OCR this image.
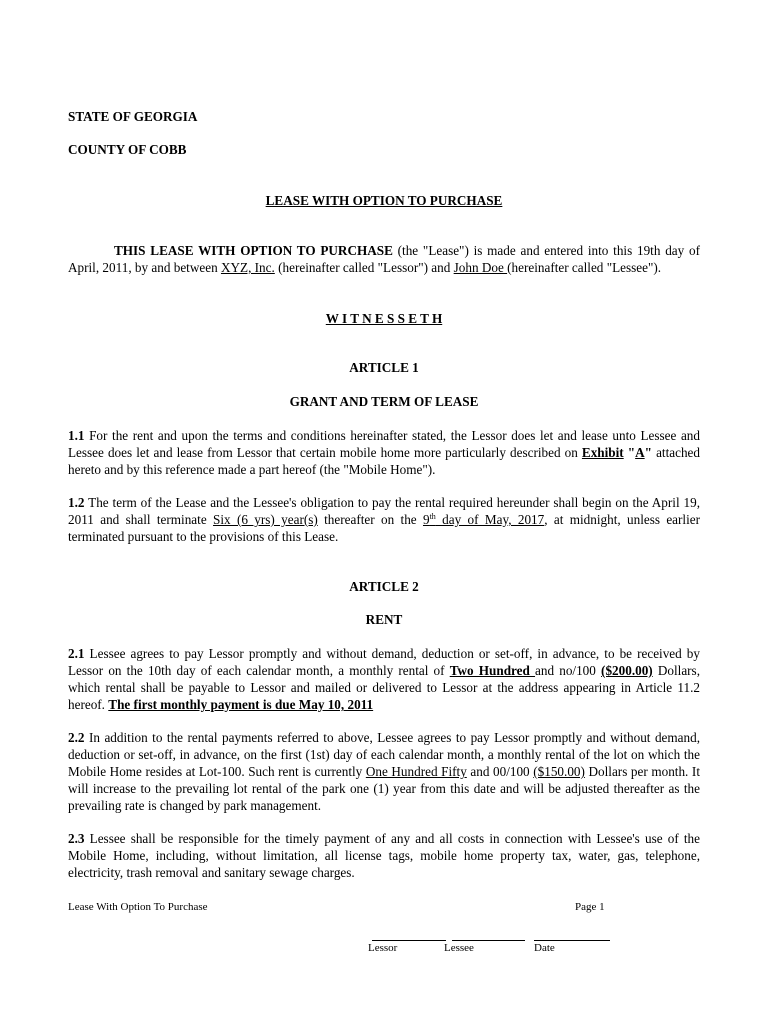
STATE OF GEORGIA

COUNTY OF COBB

LEASE WITH OPTION TO PURCHASE

THIS LEASE WITH OPTION TO PURCHASE (the "Lease") is made and entered into this 19th day of April, 2011, by and between XYZ, Inc. (hereinafter called "Lessor") and John Doe (hereinafter called "Lessee").

W I T N E S S E T H

ARTICLE 1

GRANT AND TERM OF LEASE

1.1 For the rent and upon the terms and conditions hereinafter stated, the Lessor does let and lease unto Lessee and Lessee does let and lease from Lessor that certain mobile home more particularly described on Exhibit "A" attached hereto and by this reference made a part hereof (the "Mobile Home").

1.2 The term of the Lease and the Lessee's obligation to pay the rental required hereunder shall begin on the April 19, 2011 and shall terminate Six (6 yrs) year(s) thereafter on the 9th day of May, 2017, at midnight, unless earlier terminated pursuant to the provisions of this Lease.

ARTICLE 2

RENT

2.1 Lessee agrees to pay Lessor promptly and without demand, deduction or set-off, in advance, to be received by Lessor on the 10th day of each calendar month, a monthly rental of Two Hundred and no/100 ($200.00) Dollars, which rental shall be payable to Lessor and mailed or delivered to Lessor at the address appearing in Article 11.2 hereof. The first monthly payment is due May 10, 2011

2.2 In addition to the rental payments referred to above, Lessee agrees to pay Lessor promptly and without demand, deduction or set-off, in advance, on the first (1st) day of each calendar month, a monthly rental of the lot on which the Mobile Home resides at Lot-100. Such rent is currently One Hundred Fifty and 00/100 ($150.00) Dollars per month. It will increase to the prevailing lot rental of the park one (1) year from this date and will be adjusted thereafter as the prevailing rate is changed by park management.

2.3 Lessee shall be responsible for the timely payment of any and all costs in connection with Lessee's use of the Mobile Home, including, without limitation, all license tags, mobile home property tax, water, gas, telephone, electricity, trash removal and sanitary sewage charges.

Lease With Option To Purchase	Page 1
Lessor	Lessee	Date
